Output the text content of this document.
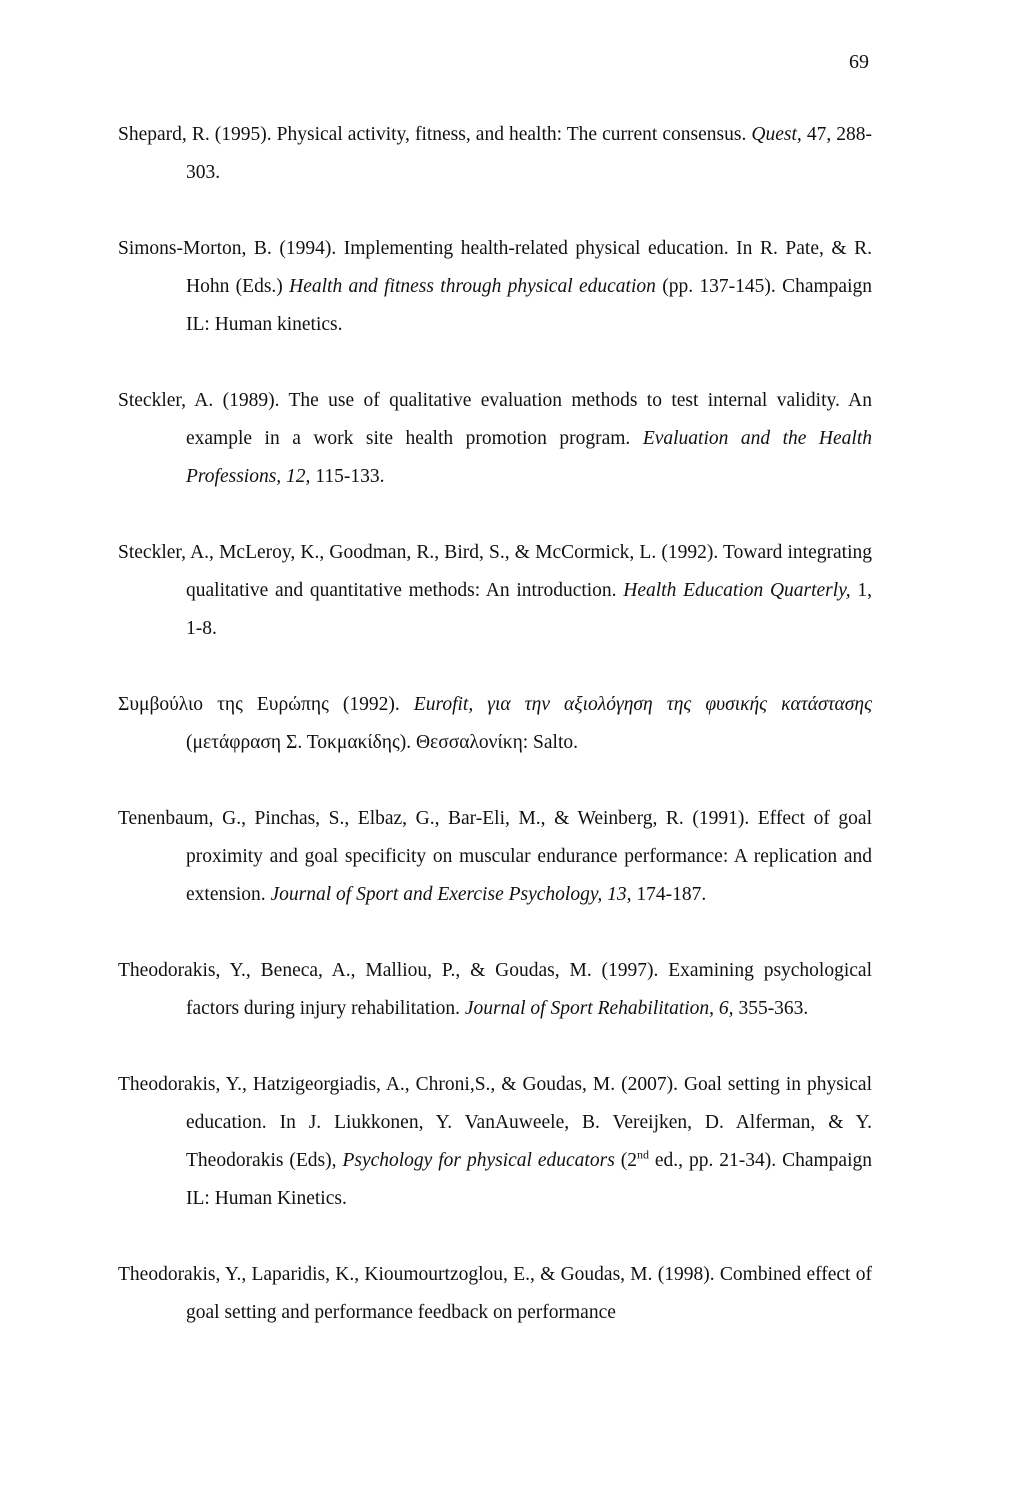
69

Shepard, R. (1995). Physical activity, fitness, and health: The current consensus. Quest, 47, 288-303.

Simons-Morton, B. (1994). Implementing health-related physical education. In R. Pate, & R. Hohn (Eds.) Health and fitness through physical education (pp. 137-145). Champaign IL: Human kinetics.

Steckler, A. (1989). The use of qualitative evaluation methods to test internal validity. An example in a work site health promotion program. Evaluation and the Health Professions, 12, 115-133.

Steckler, A., McLeroy, K., Goodman, R., Bird, S., & McCormick, L. (1992). Toward integrating qualitative and quantitative methods: An introduction. Health Education Quarterly, 1, 1-8.

Συμβούλιο της Ευρώπης (1992). Eurofit, για την αξιολόγηση της φυσικής κατάστασης (μετάφραση Σ. Τοκμακίδης). Θεσσαλονίκη: Salto.

Tenenbaum, G., Pinchas, S., Elbaz, G., Bar-Eli, M., & Weinberg, R. (1991). Effect of goal proximity and goal specificity on muscular endurance performance: A replication and extension. Journal of Sport and Exercise Psychology, 13, 174-187.

Theodorakis, Y., Beneca, A., Malliou, P., & Goudas, M. (1997). Examining psychological factors during injury rehabilitation. Journal of Sport Rehabilitation, 6, 355-363.

Theodorakis, Y., Hatzigeorgiadis, A., Chroni,S., & Goudas, M. (2007). Goal setting in physical education. In J. Liukkonen, Y. VanAuweele, B. Vereijken, D. Alferman, & Y. Theodorakis (Eds), Psychology for physical educators (2nd ed., pp. 21-34). Champaign IL: Human Kinetics.

Theodorakis, Y., Laparidis, K., Kioumourtzoglou, E., & Goudas, M. (1998). Combined effect of goal setting and performance feedback on performance
